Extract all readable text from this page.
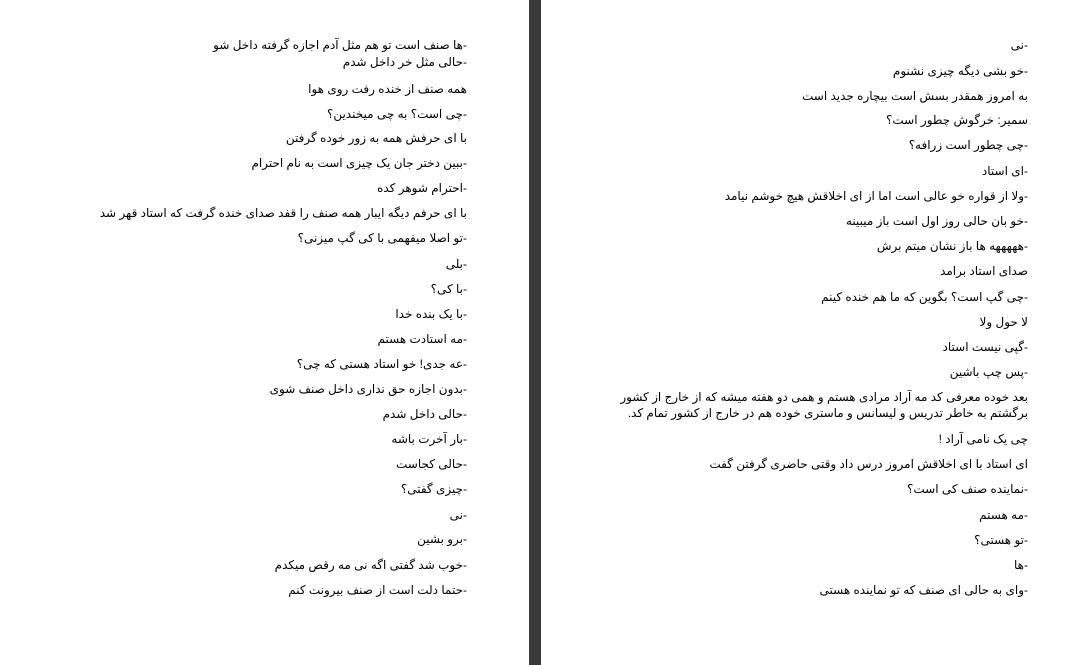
-ها صنف است تو هم مثل آدم اجازه گرفته داخل شو
-حالی مثل خر داخل شدم
همه صنف از خنده رفت روی هوا
-چی است؟ به چی میخندین؟
با ای حرفش همه به زور خوده گرفتن
-ببین دختر جان یک چیزی است به نام احترام
-احترام شوهر کده
با ای حرفم دیگه ایبار همه صنف را قفد صدای خنده گرفت که استاد قهر شد
-تو اصلا میفهمی با کی گپ میزنی؟
-بلی
-با کی؟
-با یک بنده خدا
-مه استادت هستم
-عه جدی! خو استاد هستی که چی؟
-بدون اجازه حق نداری داخل صنف شوی
-حالی داخل شدم
-بار آخرت باشه
-حالی کجاست
-چیزی گفتی؟
-نی
-برو بشین
-خوب شد گفتی اگه نی مه رقص میکدم
-حتما دلت است از صنف بیرونت کنم
-نی
-خو بشی دیگه چیزی نشنوم
به امروز همقدر بسش است بیچاره جدید است
سمیر: خرگوش چطور است؟
-چی چطور است زرافه؟
-ای استاد
-ولا از قواره خو عالی است اما از ای اخلاقش هیچ خوشم نیامد
-خو بان حالی روز اول است باز میبینه
-هههههه ها باز نشان میتم برش
صدای استاد برامد
-چی گپ است؟ بگوین که ما هم خنده کینم
لا حول ولا
-گپی نیست استاد
-پس چپ باشین
بعد خوده معرفی کد مه آراد مرادی هستم و همی دو هفته میشه که از خارج از کشور
برگشتم به خاطر تدریس و لیسانس و ماستری خوده هم در خارج از کشور تمام کد.
چی یک نامی آراد !
ای استاد با ای اخلاقش امروز درس داد وقتی حاضری گرفتن گفت
-نماینده صنف کی است؟
-مه هستم
-تو هستی؟
-ها
-وای به حالی ای صنف که تو نماینده هستی
